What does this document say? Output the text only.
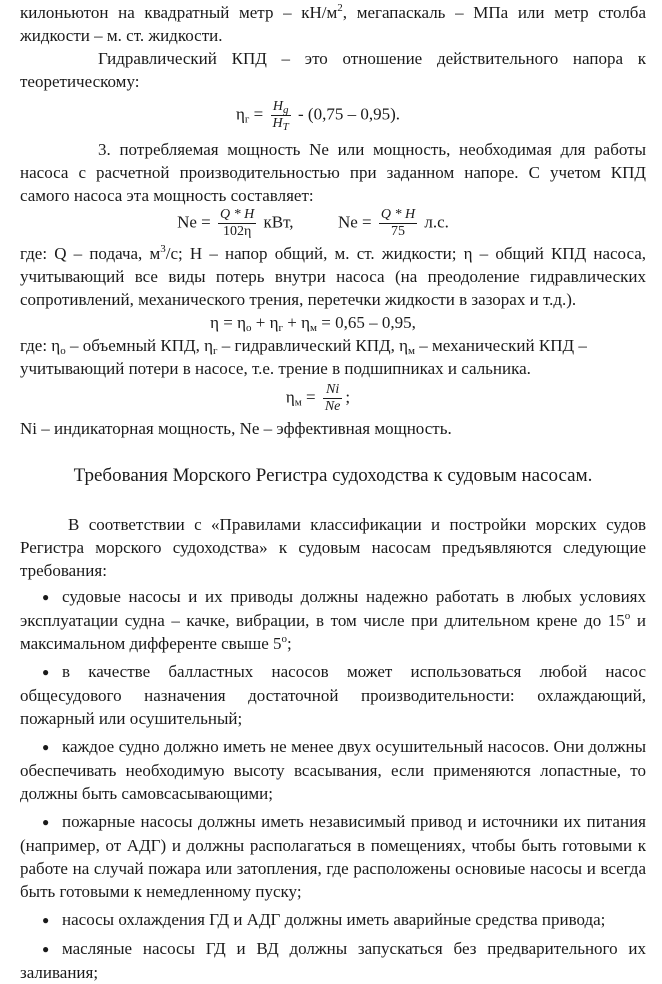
килоньютон на квадратный метр – $кН/м^2$, мегапаскаль – МПа или метр столба жидкости – м. ст. жидкости.

Гидравлический КПД – это отношение действительного напора к теоретическому:

$\eta_г = \frac{H_g}{H_T} - (0,75 - 0,95)$.

3. потребляемая мощность Ne или мощность, необходимая для работы насоса с расчетной производительностью при заданном напоре. С учетом КПД самого насоса эта мощность составляет:

$Ne = \frac{Q * H}{102\eta}$ кВт,	$Ne = \frac{Q * H}{75} л.с$.

где: Q – подача, $м^3/с$; Н – напор общий, м. ст. жидкости; η – общий КПД насоса, учитывающий все виды потерь внутри насоса (на преодоление гидравлических сопротивлений, механического трения, перетечки жидкости в зазорах и т.д.).

$\eta = \eta_о + \eta_г + \eta_м = 0,65 - 0,95$,

где: $\eta_о$ – объемный КПД, $\eta_г$ – гидравлический КПД, $\eta_м$ – механический КПД – учитывающий потери в насосе, т.е. трение в подшипниках и сальника.

$\eta_м = \frac{Ni}{Ne}$ ;

Ni – индикаторная мощность, Ne – эффективная мощность.

Требования Морского Регистра судоходства к судовым насосам.

В соответствии с «Правилами классификации и постройки морских судов Регистра морского судоходства» к судовым насосам предъявляются следующие требования:

● судовые насосы и их приводы должны надежно работать в любых условиях эксплуатации судна – качке, вибрации, в том числе при длительном крене до $15^о$ и максимальном дифференте свыше $5^о$;

● в качестве балластных насосов может использоваться любой насос общесудового назначения достаточной производительности: охлаждающий, пожарный или осушительный;

● каждое судно должно иметь не менее двух осушительный насосов. Они должны обеспечивать необходимую высоту всасывания, если применяются лопастные, то должны быть самовсасывающими;

● пожарные насосы должны иметь независимый привод и источники их питания (например, от АДГ) и должны располагаться в помещениях, чтобы быть готовыми к работе на случай пожара или затопления, где расположены основиые насосы и всегда быть готовыми к немедленному пуску;

● насосы охлаждения ГД и АДГ должны иметь аварийные средства привода;

● масляные насосы ГД и ВД должны запускаться без предварительного их заливания;
